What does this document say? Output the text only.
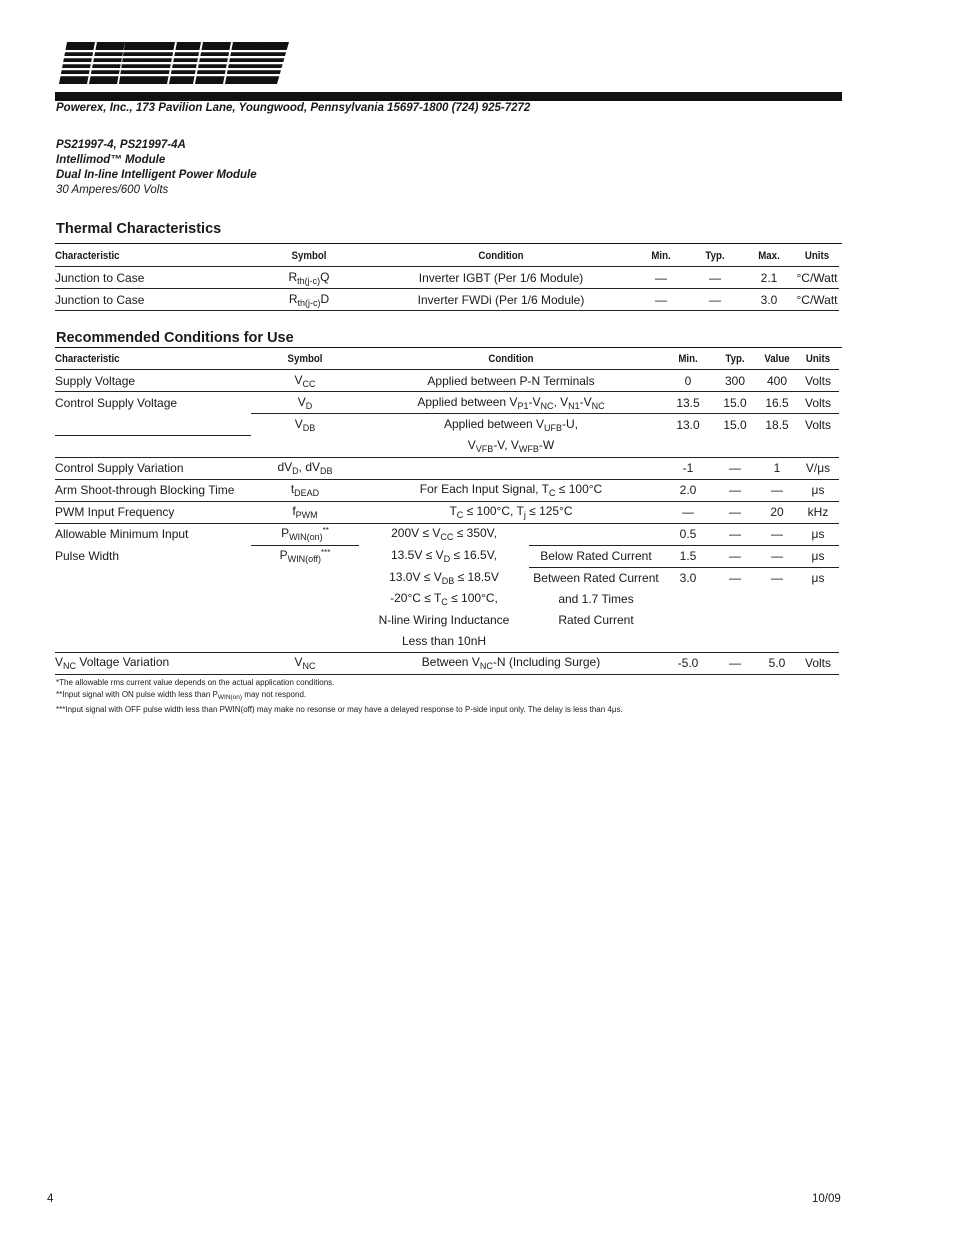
Powerex, Inc., 173 Pavilion Lane, Youngwood, Pennsylvania 15697-1800 (724) 925-7272
PS21997-4, PS21997-4A
Intellimod™ Module
Dual In-line Intelligent Power Module
30 Amperes/600 Volts
Thermal Characteristics
Characteristic	Symbol	Condition	Min.	Typ.	Max.	Units
Junction to Case	$R_{th(j-c)}Q$	Inverter IGBT (Per 1/6 Module)	—	—	2.1	°C/Watt
Junction to Case	$R_{th(j-c)}D$	Inverter FWDi (Per 1/6 Module)	—	—	3.0	°C/Watt
Recommended Conditions for Use
Characteristic	Symbol	Condition		Min.	Typ.	Value	Units
Supply Voltage	$V_{CC}$	Applied between P-N Terminals		0	300	400	Volts
Control Supply Voltage	$V_D$	Applied between $V_{P1}-V_{NC}$, $V_{N1}-V_{NC}$		13.5	15.0	16.5	Volts
	$V_{DB}$	Applied between $V_{UFB}-U$,		13.0	15.0	18.5	Volts
		$V_{VFB}-V$, $V_{WFB}-W$					
Control Supply Variation	$dV_D$, $dV_{DB}$			-1	—	1	V/μs
Arm Shoot-through Blocking Time	$t_{DEAD}$	For Each Input Signal, $T_C \le 100^\circ C$		2.0	—	—	μs
PWM Input Frequency	$f_{PWM}$	$T_C \le 100^\circ C$, $T_j \le 125^\circ C$		—	—	20	kHz
Allowable Minimum Input	$P_{WIN(on)}^{**}$	$200V \le V_{CC} \le 350V$,		0.5	—	—	μs
Pulse Width	$P_{WIN(off)}^{***}$	$13.5V \le V_D \le 16.5V$,	Below Rated Current	1.5	—	—	μs
		$13.0V \le V_{DB} \le 18.5V$	Between Rated Current	3.0	—	—	μs
		$-20^\circ C \le T_C \le 100^\circ C$,	and 1.7 Times				
		N-line Wiring Inductance	Rated Current				
		Less than 10nH					
$V_{NC}$ Voltage Variation	$V_{NC}$	Between $V_{NC}-N$ (Including Surge)		-5.0	—	5.0	Volts
*The allowable rms current value depends on the actual application conditions.
**Input signal with ON pulse width less than $P_{WIN(on)}$ may not respond.
***Input signal with OFF pulse width less than PWIN(off) may make no resonse or may have a delayed response to P-side input only. The delay is less than 4μs.
4	10/09
